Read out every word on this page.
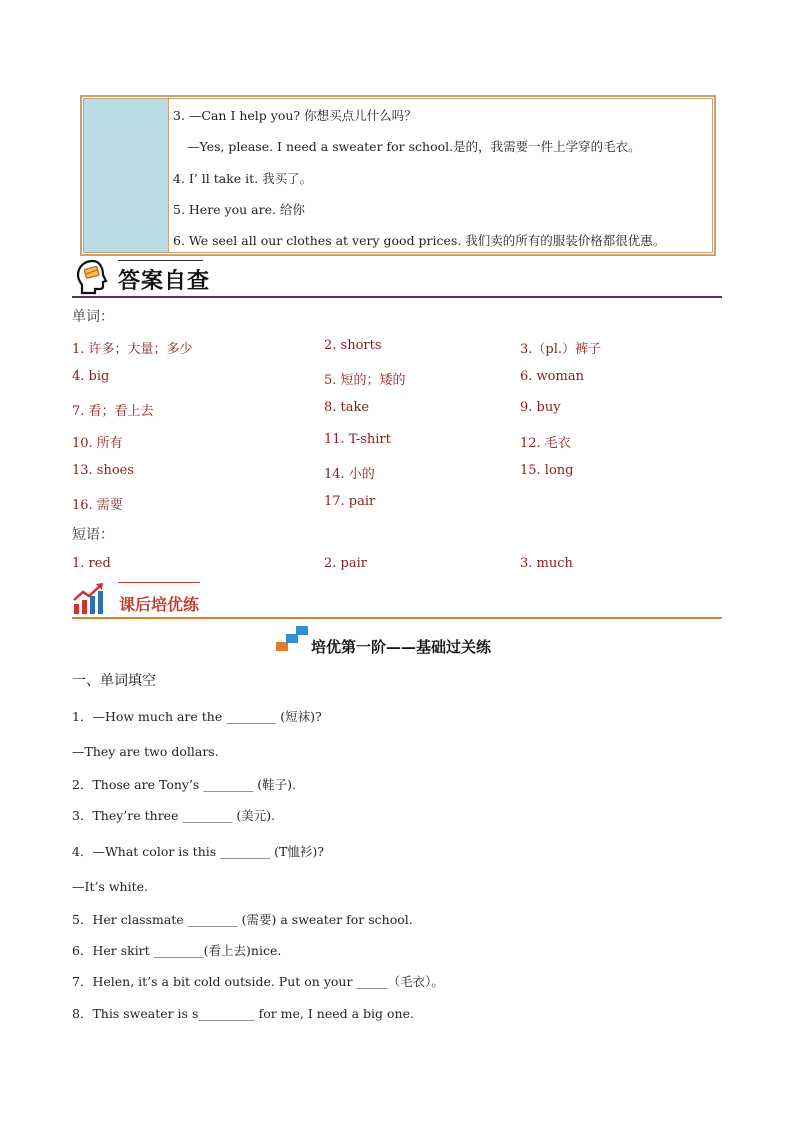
3. —Can I help you? 你想买点儿什么吗？
—Yes, please. I need a sweater for school.是的，我需要一件上学穿的毛衣。
4. I’ ll take it. 我买了。
5. Here you are. 给你
6. We seel all our clothes at very good prices. 我们卖的所有的服装价格都很优惠。
答案自查
单词：
1. 许多；大量；多少	2. shorts	3.（pl.）裤子
4. big	5. 短的；矮的	6. woman
7. 看；看上去	8. take	9. buy
10. 所有	11. T-shirt	12. 毛衣
13. shoes	14. 小的	15. long
16. 需要	17. pair
短语：
1. red	2. pair	3. much
课后培优练
培优第一阶——基础过关练
一、单词填空
1．—How much are the ________ (短袜)?
—They are two dollars.
2．Those are Tony’s ________ (鞋子).
3．They’re three ________ (美元).
4．—What color is this ________ (T恤衫)?
—It’s white.
5．Her classmate ________ (需要) a sweater for school.
6．Her skirt ________(看上去)nice.
7．Helen, it’s a bit cold outside. Put on your _____（毛衣）。
8．This sweater is s_________ for me, I need a big one.
